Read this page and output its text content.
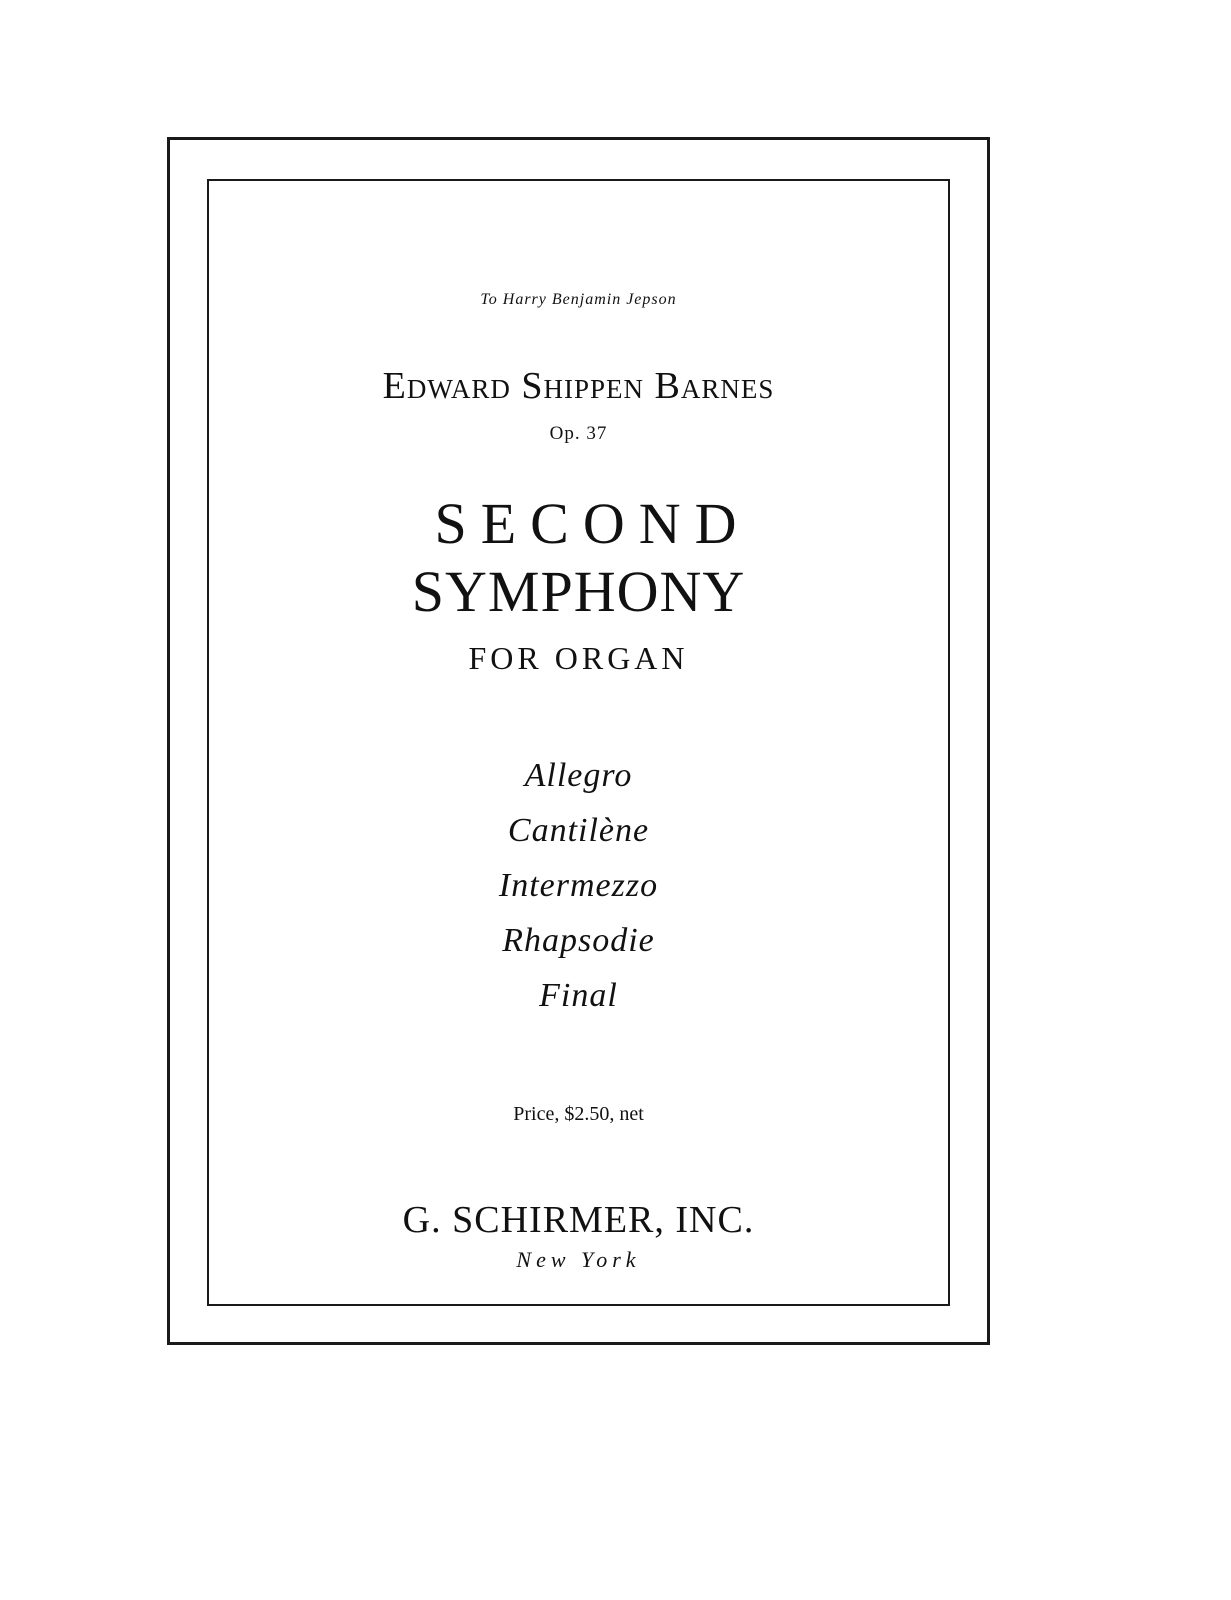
To Harry Benjamin Jepson

Edward Shippen Barnes

Op. 37

SECOND

SYMPHONY

FOR ORGAN

Allegro

Cantilène

Intermezzo

Rhapsodie

Final

Price, $2.50, net

G. SCHIRMER, INC.

New York
